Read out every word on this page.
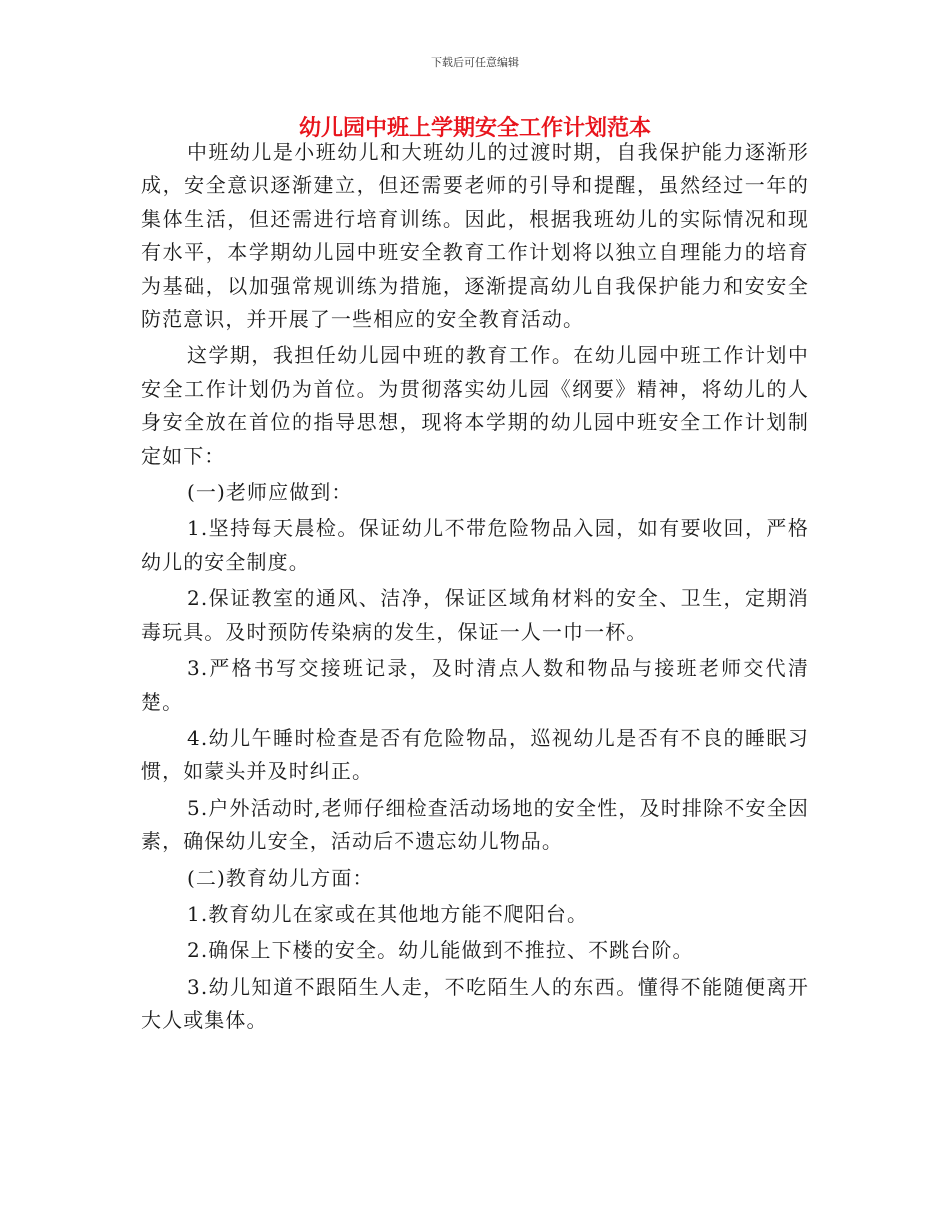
下载后可任意编辑
幼儿园中班上学期安全工作计划范本

中班幼儿是小班幼儿和大班幼儿的过渡时期，自我保护能力逐渐形成，安全意识逐渐建立，但还需要老师的引导和提醒，虽然经过一年的集体生活，但还需进行培育训练。因此，根据我班幼儿的实际情况和现有水平，本学期幼儿园中班安全教育工作计划将以独立自理能力的培育为基础，以加强常规训练为措施，逐渐提高幼儿自我保护能力和安安全防范意识，并开展了一些相应的安全教育活动。

这学期，我担任幼儿园中班的教育工作。在幼儿园中班工作计划中安全工作计划仍为首位。为贯彻落实幼儿园《纲要》精神，将幼儿的人身安全放在首位的指导思想，现将本学期的幼儿园中班安全工作计划制定如下：

(一)老师应做到：

1.坚持每天晨检。保证幼儿不带危险物品入园，如有要收回，严格幼儿的安全制度。

2.保证教室的通风、洁净，保证区域角材料的安全、卫生，定期消毒玩具。及时预防传染病的发生，保证一人一巾一杯。

3.严格书写交接班记录，及时清点人数和物品与接班老师交代清楚。

4.幼儿午睡时检查是否有危险物品，巡视幼儿是否有不良的睡眠习惯，如蒙头并及时纠正。

5.户外活动时,老师仔细检查活动场地的安全性，及时排除不安全因素，确保幼儿安全，活动后不遗忘幼儿物品。

(二)教育幼儿方面：

1.教育幼儿在家或在其他地方能不爬阳台。

2.确保上下楼的安全。幼儿能做到不推拉、不跳台阶。

3.幼儿知道不跟陌生人走，不吃陌生人的东西。懂得不能随便离开大人或集体。
